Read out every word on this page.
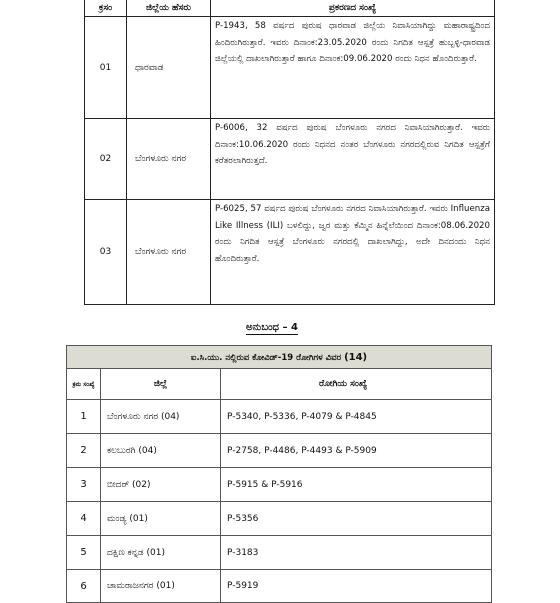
ಕ್ರಸಂ	ಜಿಲ್ಲೆಯ ಹೆಸರು	ಪ್ರಕರಣದ ಸಂಖ್ಯೆ
01	ಧಾರವಾಡ	P-1943, 58 ವರ್ಷದ ಪುರುಷ ಧಾರವಾಡ ಜಿಲ್ಲೆಯ ನಿವಾಸಿಯಾಗಿದ್ದು ಮಹಾರಾಷ್ಟ್ರದಿಂದ ಹಿಂದಿರುಗಿರುತ್ತಾರೆ. ಇವರು ದಿನಾಂಕ:23.05.2020 ರಂದು ನಿಗದಿತ ಆಸ್ಪತ್ರೆ ಹುಬ್ಬಳ್ಳಿ-ಧಾರವಾಡ ಜಿಲ್ಲೆಯಲ್ಲಿ ದಾಖಲಾಗಿರುತ್ತಾರೆ ಹಾಗೂ ದಿನಾಂಕ:09.06.2020 ರಂದು ನಿಧನ ಹೊಂದಿರುತ್ತಾರೆ.
02	ಬೆಂಗಳೂರು ನಗರ	P-6006, 32 ವರ್ಷದ ಪುರುಷ ಬೆಂಗಳೂರು ನಗರದ ನಿವಾಸಿಯಾಗಿರುತ್ತಾರೆ. ಇವರು ದಿನಾಂಕ:10.06.2020 ರಂದು ನಿಧನದ ನಂತರ ಬೆಂಗಳೂರು ನಗರದಲ್ಲಿರುವ ನಿಗದಿತ ಆಸ್ಪತ್ರೆಗೆ ಕರೆತರಲಾಗಿರುತ್ತದೆ.
03	ಬೆಂಗಳೂರು ನಗರ	P-6025, 57 ವರ್ಷದ ಪುರುಷ ಬೆಂಗಳೂರು ನಗರದ ನಿವಾಸಿಯಾಗಿರುತ್ತಾರೆ. ಇವರು Influenza Like Illness (ILI) ಬಳಲಿದ್ದು, ಜ್ವರ ಮತ್ತು ಕೆಮ್ಮಿನ ಹಿನ್ನೆಲೆಯಿಂದ ದಿನಾಂಕ:08.06.2020 ರಂದು ನಿಗದಿತ ಆಸ್ಪತ್ರೆ ಬೆಂಗಳೂರು ನಗರದಲ್ಲಿ ದಾಖಲಾಗಿದ್ದು, ಅದೇ ದಿನದಂದು ನಿಧನ ಹೊಂದಿರುತ್ತಾರೆ.
ಅನುಬಂಧ – 4
ಐ.ಸಿ.ಯು. ನಲ್ಲಿರುವ ಕೋವಿಡ್-19 ರೋಗಿಗಳ ವಿವರ (14)		
ಕ್ರಮ ಸಂಖ್ಯೆ	ಜಿಲ್ಲೆ	ರೋಗಿಯ ಸಂಖ್ಯೆ
1	ಬೆಂಗಳೂರು ನಗರ (04)	P-5340, P-5336, P-4079 & P-4845
2	ಕಲಬುರಗಿ (04)	P-2758, P-4486, P-4493 & P-5909
3	ಬೀದರ್ (02)	P-5915 & P-5916
4	ಮಂಡ್ಯ (01)	P-5356
5	ದಕ್ಷಿಣ ಕನ್ನಡ (01)	P-3183
6	ಚಾಮರಾಜನಗರ (01)	P-5919
